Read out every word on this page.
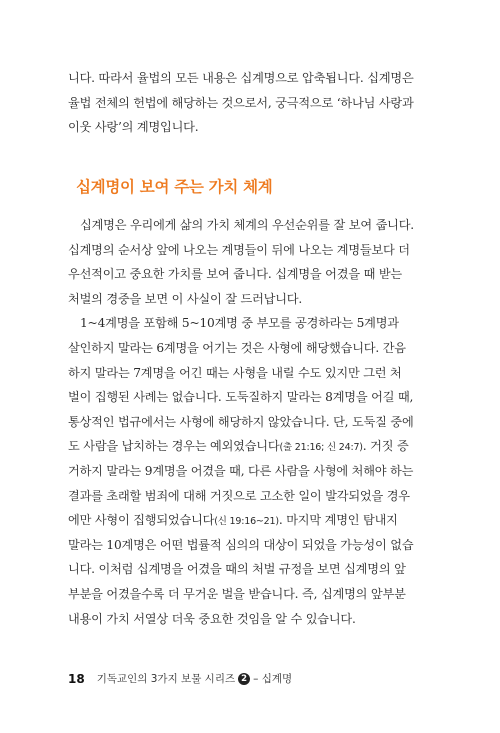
니다. 따라서 율법의 모든 내용은 십계명으로 압축됩니다. 십계명은
율법 전체의 헌법에 해당하는 것으로서, 궁극적으로 ‘하나님 사랑과
이웃 사랑’의 계명입니다.
십계명이 보여 주는 가치 체계
십계명은 우리에게 삶의 가치 체계의 우선순위를 잘 보여 줍니다.
십계명의 순서상 앞에 나오는 계명들이 뒤에 나오는 계명들보다 더
우선적이고 중요한 가치를 보여 줍니다. 십계명을 어겼을 때 받는
처벌의 경중을 보면 이 사실이 잘 드러납니다.
1~4계명을 포함해 5~10계명 중 부모를 공경하라는 5계명과
살인하지 말라는 6계명을 어기는 것은 사형에 해당했습니다. 간음
하지 말라는 7계명을 어긴 때는 사형을 내릴 수도 있지만 그런 처
벌이 집행된 사례는 없습니다. 도둑질하지 말라는 8계명을 어길 때,
통상적인 법규에서는 사형에 해당하지 않았습니다. 단, 도둑질 중에
도 사람을 납치하는 경우는 예외였습니다(출 21:16; 신 24:7). 거짓 증
거하지 말라는 9계명을 어겼을 때, 다른 사람을 사형에 처해야 하는
결과를 초래할 범죄에 대해 거짓으로 고소한 일이 발각되었을 경우
에만 사형이 집행되었습니다(신 19:16~21). 마지막 계명인 탐내지
말라는 10계명은 어떤 법률적 심의의 대상이 되었을 가능성이 없습
니다. 이처럼 십계명을 어겼을 때의 처벌 규정을 보면 십계명의 앞
부분을 어겼을수록 더 무거운 벌을 받습니다. 즉, 십계명의 앞부분
내용이 가치 서열상 더욱 중요한 것임을 알 수 있습니다.
18 기독교인의 3가지 보물 시리즈 2 – 십계명
